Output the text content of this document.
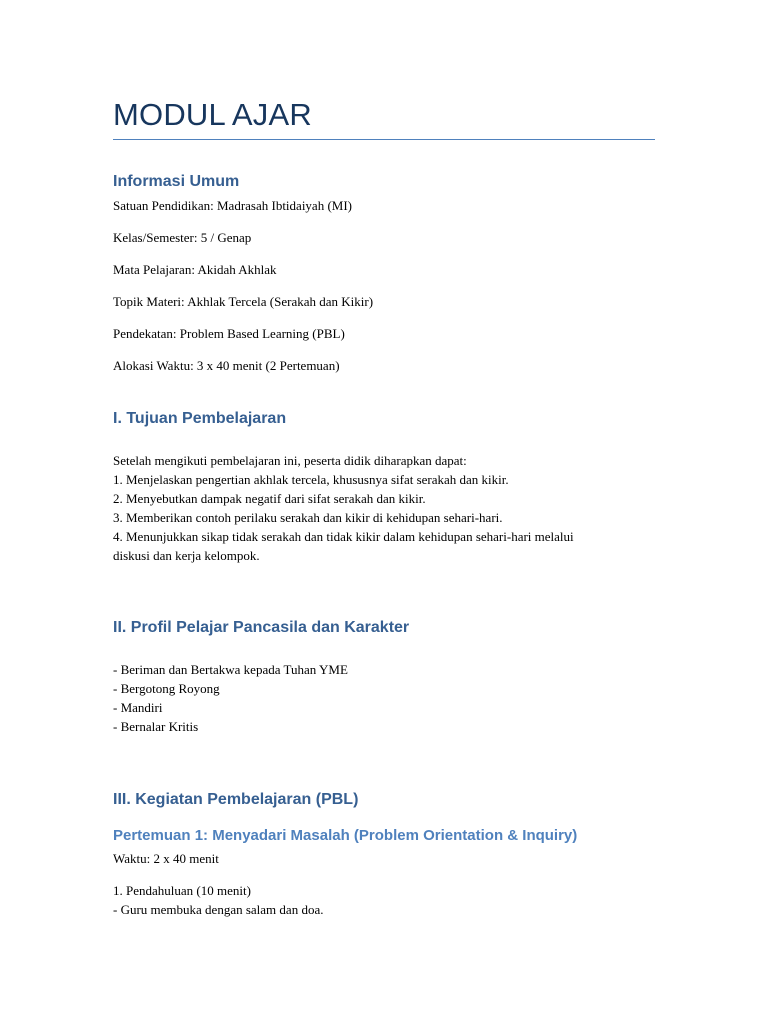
MODUL AJAR
Informasi Umum
Satuan Pendidikan: Madrasah Ibtidaiyah (MI)
Kelas/Semester: 5 / Genap
Mata Pelajaran: Akidah Akhlak
Topik Materi: Akhlak Tercela (Serakah dan Kikir)
Pendekatan: Problem Based Learning (PBL)
Alokasi Waktu: 3 x 40 menit (2 Pertemuan)
I. Tujuan Pembelajaran
Setelah mengikuti pembelajaran ini, peserta didik diharapkan dapat:
1. Menjelaskan pengertian akhlak tercela, khususnya sifat serakah dan kikir.
2. Menyebutkan dampak negatif dari sifat serakah dan kikir.
3. Memberikan contoh perilaku serakah dan kikir di kehidupan sehari-hari.
4. Menunjukkan sikap tidak serakah dan tidak kikir dalam kehidupan sehari-hari melalui
diskusi dan kerja kelompok.
II. Profil Pelajar Pancasila dan Karakter
- Beriman dan Bertakwa kepada Tuhan YME
- Bergotong Royong
- Mandiri
- Bernalar Kritis
III. Kegiatan Pembelajaran (PBL)
Pertemuan 1: Menyadari Masalah (Problem Orientation & Inquiry)
Waktu: 2 x 40 menit
1. Pendahuluan (10 menit)
- Guru membuka dengan salam dan doa.
